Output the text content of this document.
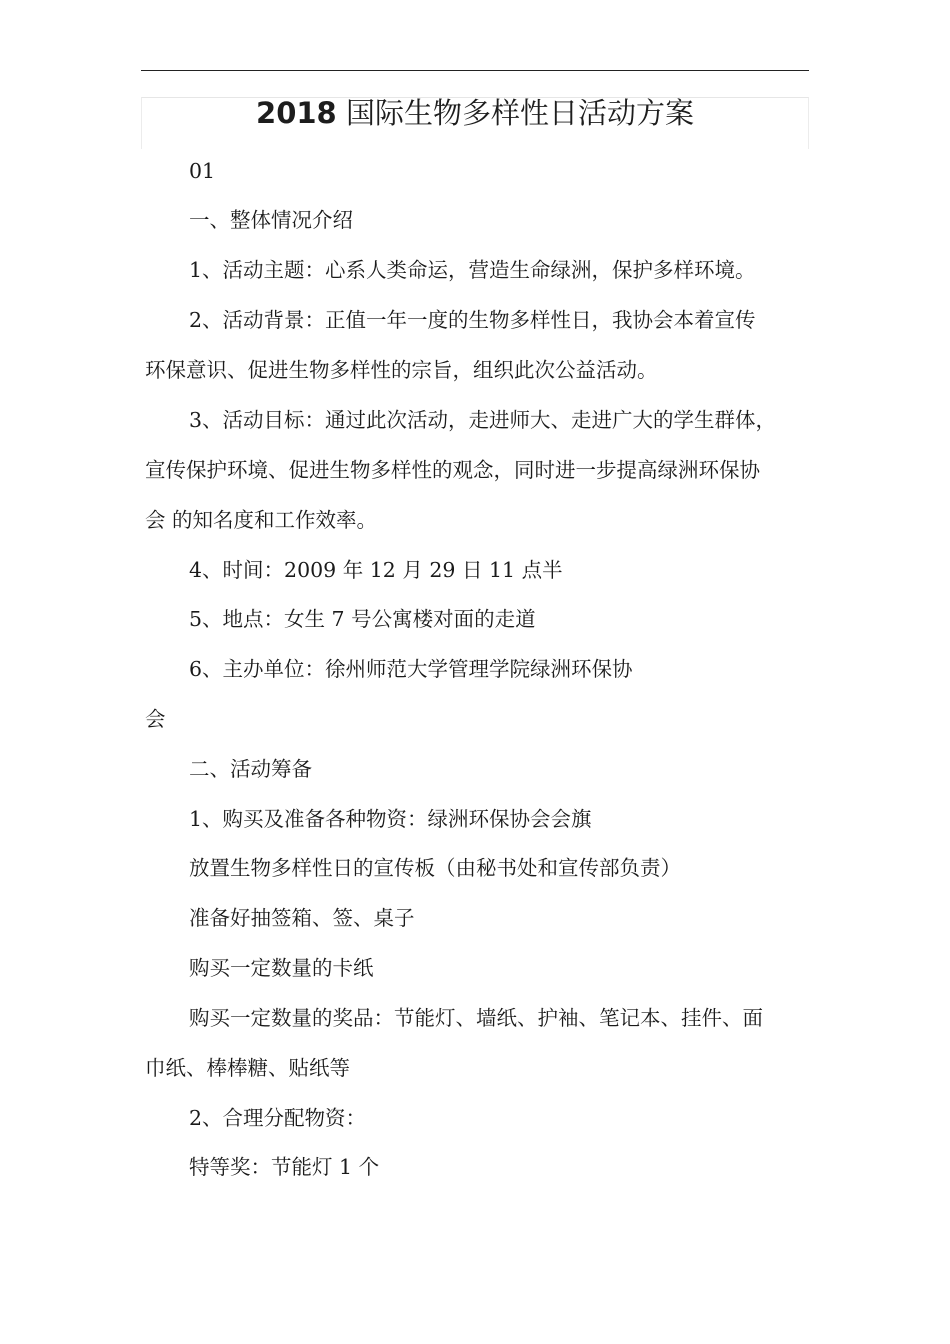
2018 国际生物多样性日活动方案
01
一、整体情况介绍
1、活动主题：心系人类命运，营造生命绿洲，保护多样环境。
2、活动背景：正值一年一度的生物多样性日，我协会本着宣传
环保意识、促进生物多样性的宗旨，组织此次公益活动。
3、活动目标：通过此次活动，走进师大、走进广大的学生群体，
宣传保护环境、促进生物多样性的观念，同时进一步提高绿洲环保协
会 的知名度和工作效率。
4、时间：2009 年 12 月 29 日 11 点半
5、地点：女生 7 号公寓楼对面的走道
6、主办单位：徐州师范大学管理学院绿洲环保协
会
二、活动筹备
1、购买及准备各种物资：绿洲环保协会会旗
放置生物多样性日的宣传板（由秘书处和宣传部负责）
准备好抽签箱、签、桌子
购买一定数量的卡纸
购买一定数量的奖品：节能灯、墙纸、护袖、笔记本、挂件、面
巾纸、棒棒糖、贴纸等
2、合理分配物资：
特等奖：节能灯 1 个
